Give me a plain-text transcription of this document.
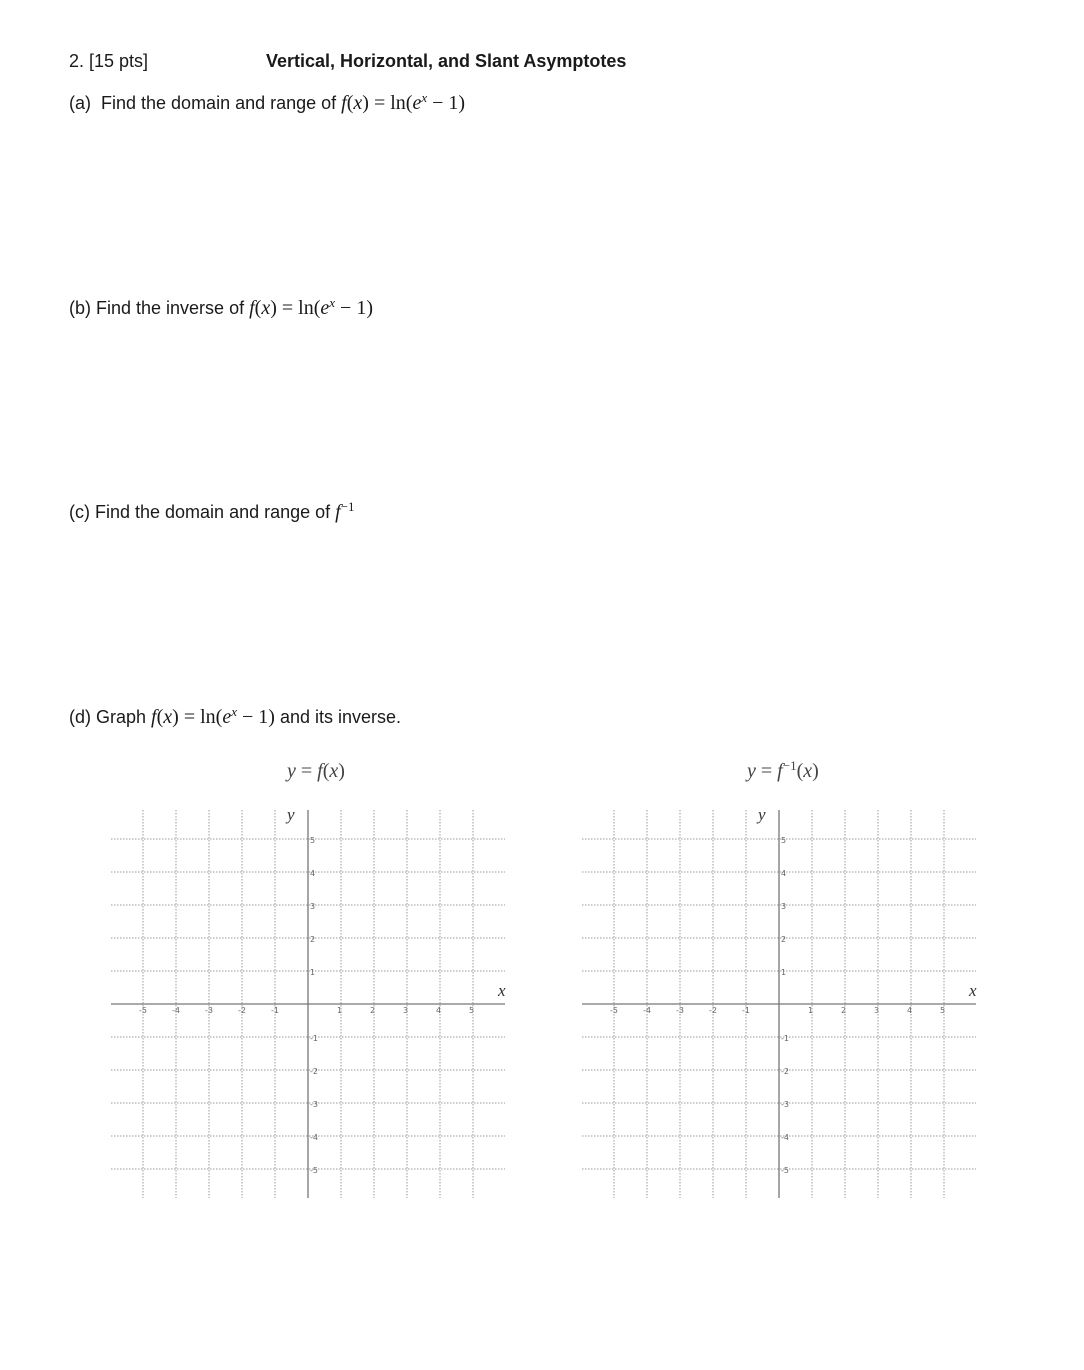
2. [15 pts]	Vertical, Horizontal, and Slant Asymptotes
(a)  Find the domain and range of $f(x) = \ln(e^x - 1)$
(b) Find the inverse of $f(x) = \ln(e^x - 1)$
(c) Find the domain and range of $f^{-1}$
(d) Graph $f(x) = \ln(e^x - 1)$ and its inverse.
y = f(x)	$y = f^{-1}(x)$
y
x
-5	-4	-3	-2	-1	1	2	3	4	5
5
4
3
2
1
-1
-2
-3
-4
-5
y
x
-5	-4	-3	-2	-1	1	2	3	4	5
5
4
3
2
1
-1
-2
-3
-4
-5
